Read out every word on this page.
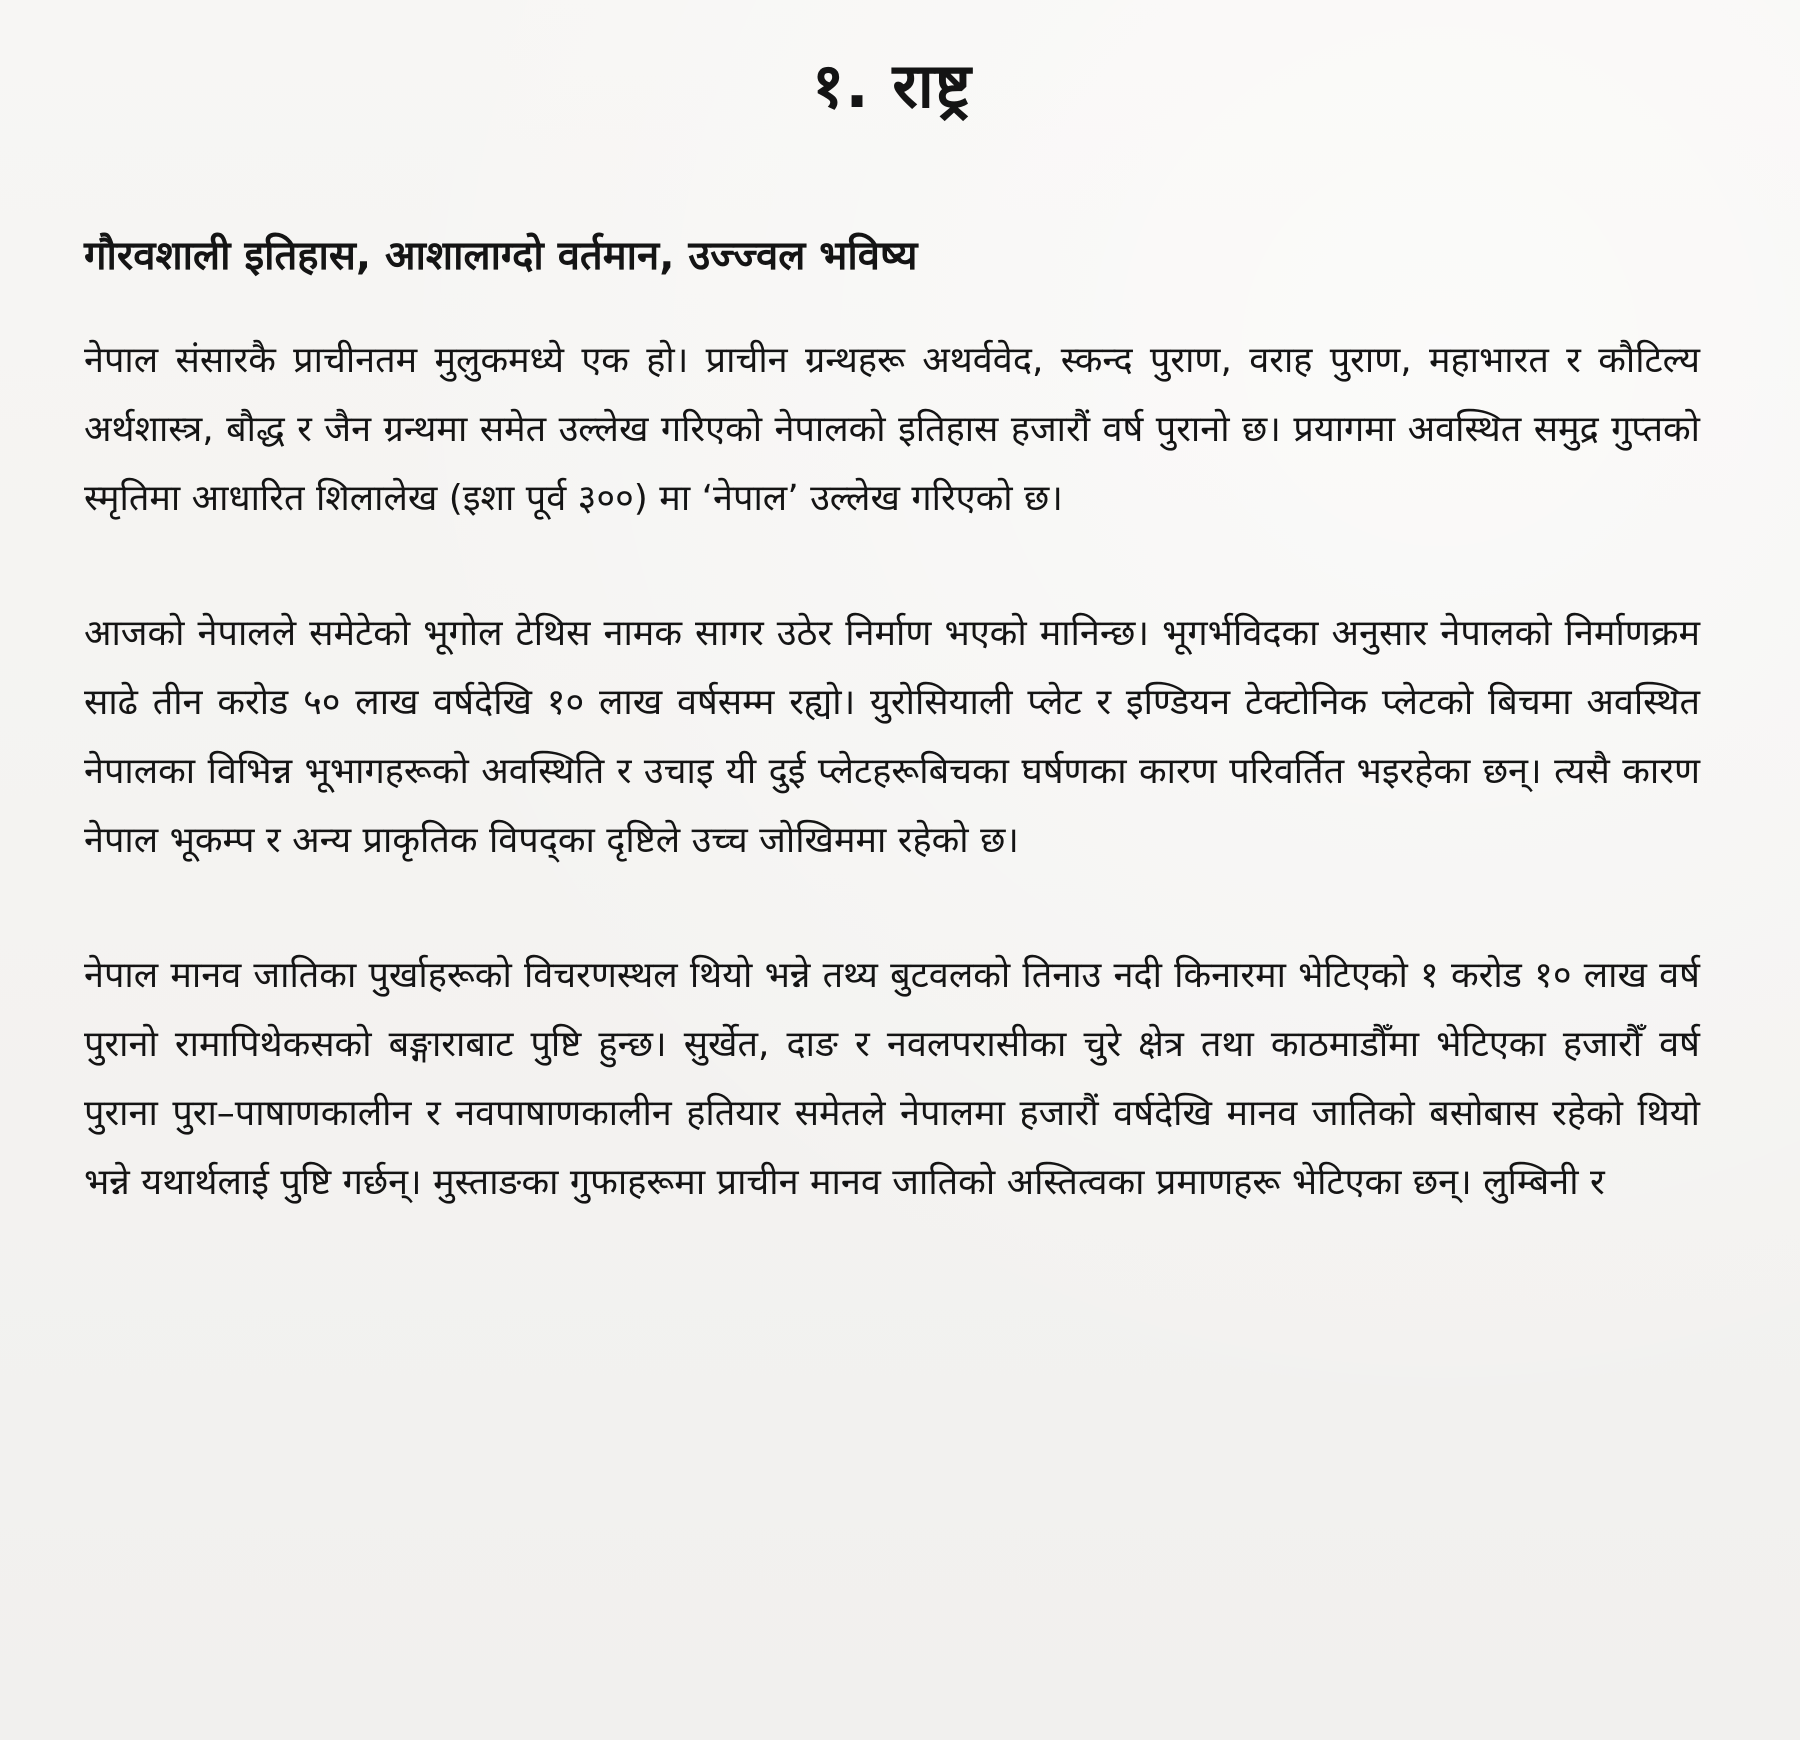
१. राष्ट्र
गौरवशाली इतिहास, आशालाग्दो वर्तमान, उज्ज्वल भविष्य

नेपाल संसारकै प्राचीनतम मुलुकमध्ये एक हो। प्राचीन ग्रन्थहरू अथर्ववेद, स्कन्द पुराण, वराह पुराण, महाभारत र कौटिल्य अर्थशास्त्र, बौद्ध र जैन ग्रन्थमा समेत उल्लेख गरिएको नेपालको इतिहास हजारौं वर्ष पुरानो छ। प्रयागमा अवस्थित समुद्र गुप्तको स्मृतिमा आधारित शिलालेख (इशा पूर्व ३००) मा ‘नेपाल’ उल्लेख गरिएको छ।

आजको नेपालले समेटेको भूगोल टेथिस नामक सागर उठेर निर्माण भएको मानिन्छ। भूगर्भविदका अनुसार नेपालको निर्माणक्रम साढे तीन करोड ५० लाख वर्षदेखि १० लाख वर्षसम्म रह्यो। युरोसियाली प्लेट र इण्डियन टेक्टोनिक प्लेटको बिचमा अवस्थित नेपालका विभिन्न भूभागहरूको अवस्थिति र उचाइ यी दुई प्लेटहरूबिचका घर्षणका कारण परिवर्तित भइरहेका छन्। त्यसै कारण नेपाल भूकम्प र अन्य प्राकृतिक विपद्का दृष्टिले उच्च जोखिममा रहेको छ।

नेपाल मानव जातिका पुर्खाहरूको विचरणस्थल थियो भन्ने तथ्य बुटवलको तिनाउ नदी किनारमा भेटिएको १ करोड १० लाख वर्ष पुरानो रामापिथेकसको बङ्गाराबाट पुष्टि हुन्छ। सुर्खेत, दाङ र नवलपरासीका चुरे क्षेत्र तथा काठमाडौँमा भेटिएका हजारौँ वर्ष पुराना पुरा–पाषाणकालीन र नवपाषाणकालीन हतियार समेतले नेपालमा हजारौं वर्षदेखि मानव जातिको बसोबास रहेको थियो भन्ने यथार्थलाई पुष्टि गर्छन्। मुस्ताङका गुफाहरूमा प्राचीन मानव जातिको अस्तित्वका प्रमाणहरू भेटिएका छन्। लुम्बिनी र
